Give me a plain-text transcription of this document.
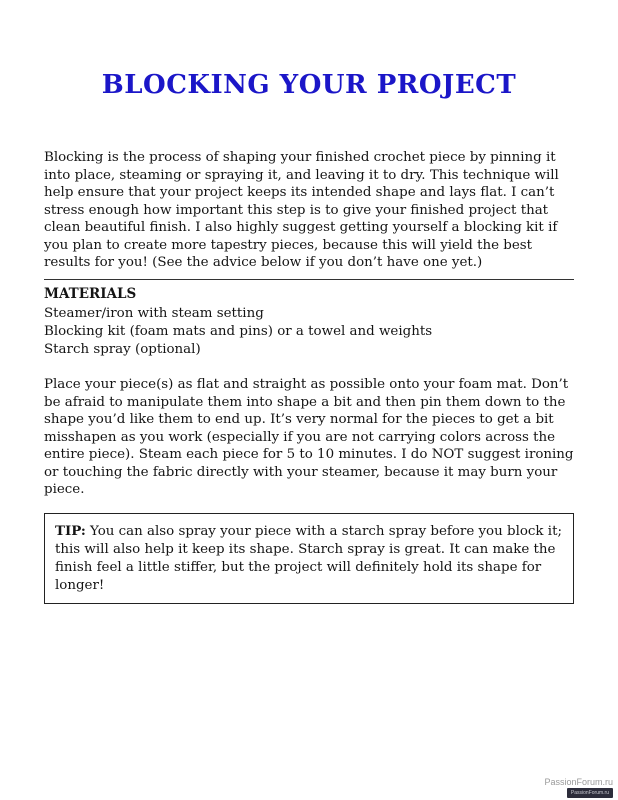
BLOCKING YOUR PROJECT

Blocking is the process of shaping your finished crochet piece by pinning it into place, steaming or spraying it, and leaving it to dry. This technique will help ensure that your project keeps its intended shape and lays flat. I can’t stress enough how important this step is to give your finished project that clean beautiful finish. I also highly suggest getting yourself a blocking kit if you plan to create more tapestry pieces, because this will yield the best results for you! (See the advice below if you don’t have one yet.)

MATERIALS
Steamer/iron with steam setting
Blocking kit (foam mats and pins) or a towel and weights
Starch spray (optional)

Place your piece(s) as flat and straight as possible onto your foam mat. Don’t be afraid to manipulate them into shape a bit and then pin them down to the shape you’d like them to end up. It’s very normal for the pieces to get a bit misshapen as you work (especially if you are not carrying colors across the entire piece). Steam each piece for 5 to 10 minutes. I do NOT suggest ironing or touching the fabric directly with your steamer, because it may burn your piece.

TIP: You can also spray your piece with a starch spray before you block it; this will also help it keep its shape. Starch spray is great. It can make the finish feel a little stiffer, but the project will definitely hold its shape for longer!
PassionForum.ru
PassionForum.ru
